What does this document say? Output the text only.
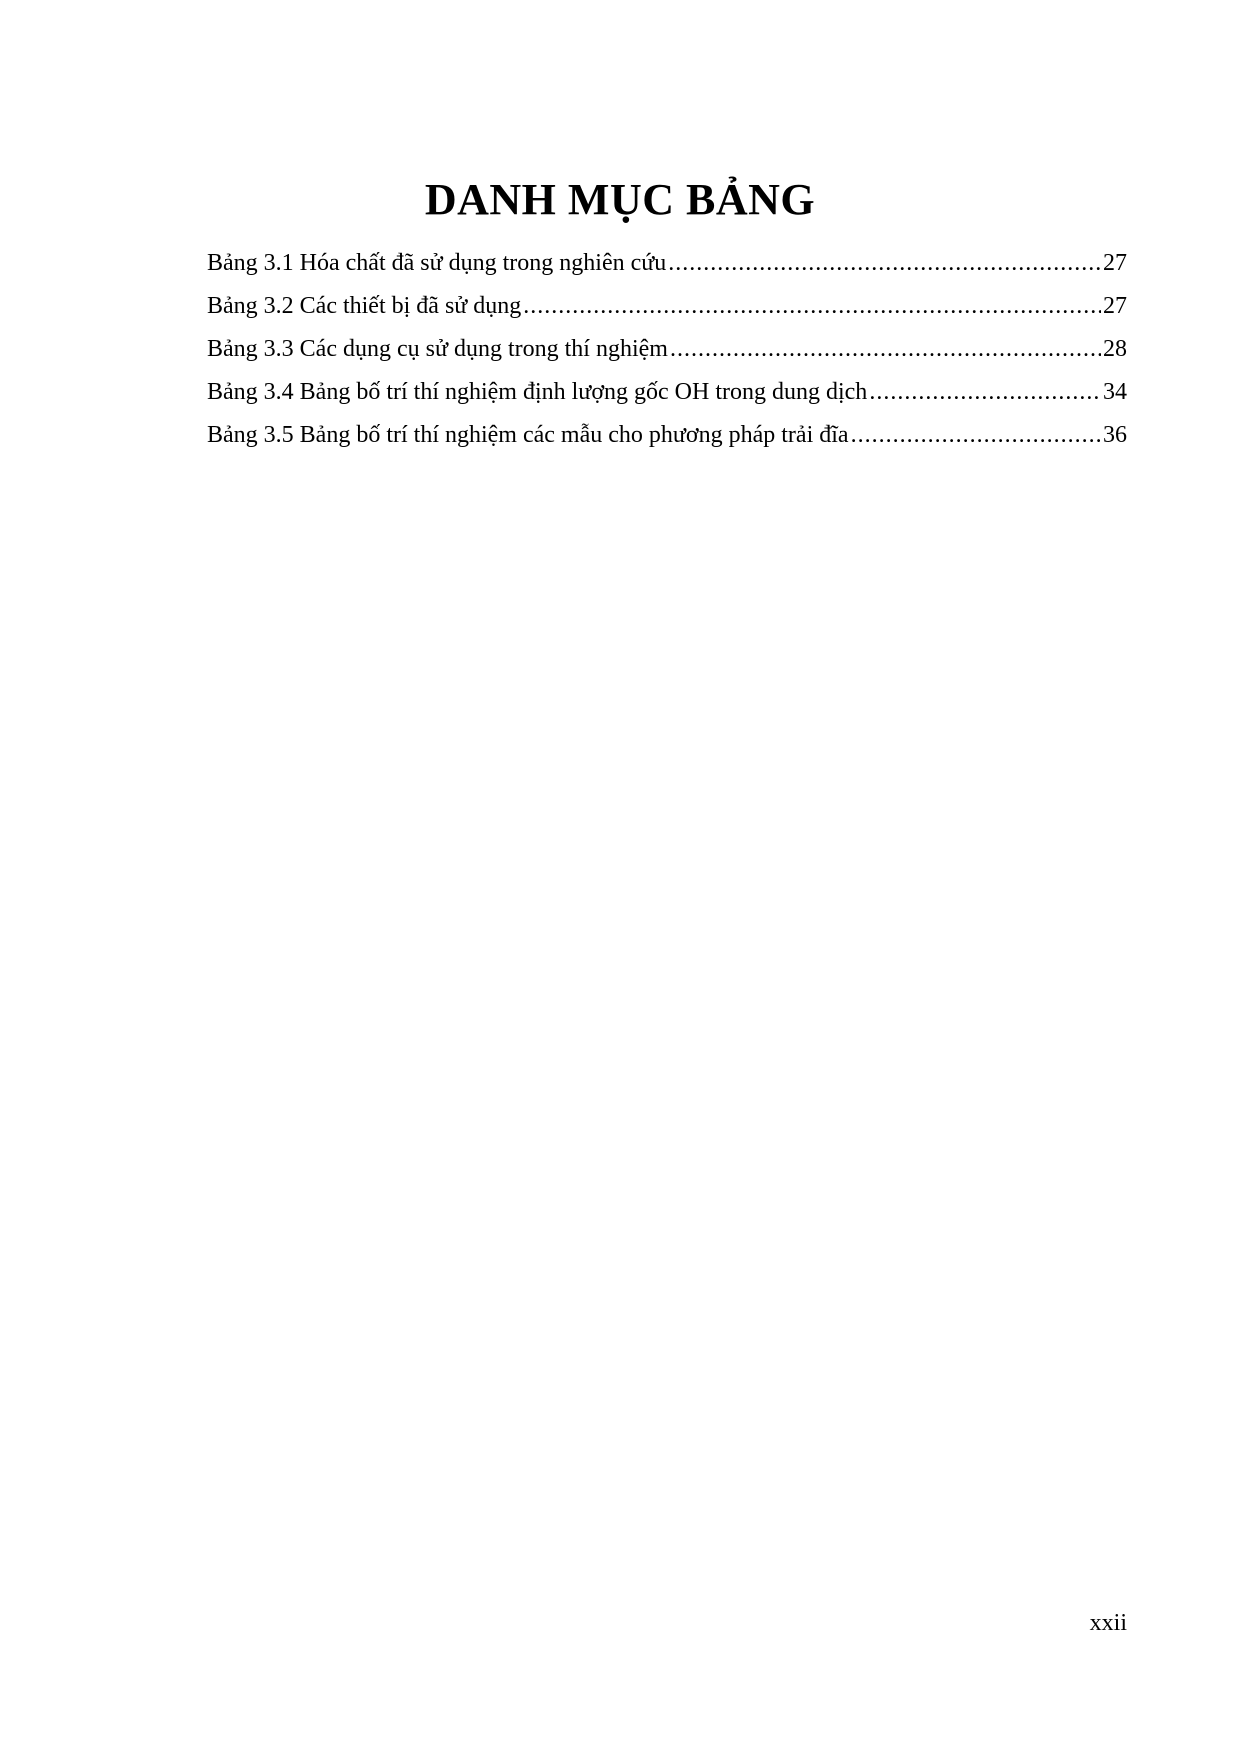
DANH MỤC BẢNG
Bảng 3.1 Hóa chất đã sử dụng trong nghiên cứu .....	27
Bảng 3.2 Các thiết bị đã sử dụng .....	27
Bảng 3.3 Các dụng cụ sử dụng trong thí nghiệm .....	28
Bảng 3.4 Bảng bố trí thí nghiệm định lượng gốc OH trong dung dịch .....	34
Bảng 3.5 Bảng bố trí thí nghiệm các mẫu cho phương pháp trải đĩa .....	36
xxii
